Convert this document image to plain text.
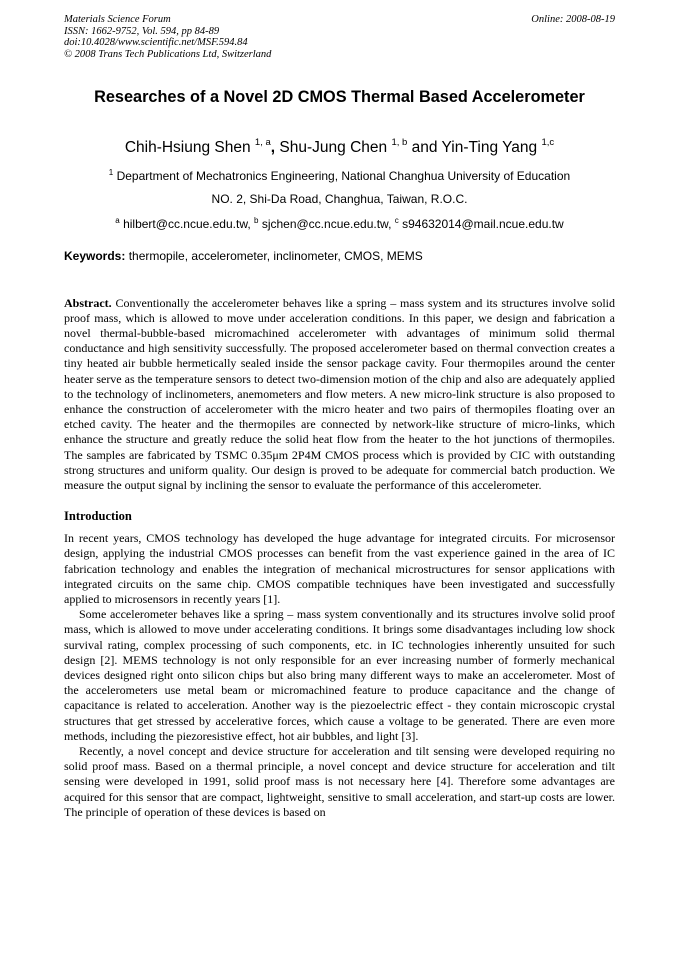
Materials Science Forum
ISSN: 1662-9752, Vol. 594, pp 84-89
doi:10.4028/www.scientific.net/MSF.594.84
© 2008 Trans Tech Publications Ltd, Switzerland
Online: 2008-08-19
Researches of a Novel 2D CMOS Thermal Based Accelerometer
Chih-Hsiung Shen $^{1, a}$, Shu-Jung Chen $^{1, b}$ and Yin-Ting Yang $^{1,c}$
$^1$ Department of Mechatronics Engineering, National Changhua University of Education
NO. 2, Shi-Da Road, Changhua, Taiwan, R.O.C.
$^a$ hilbert@cc.ncue.edu.tw, $^b$ sjchen@cc.ncue.edu.tw, $^c$ s94632014@mail.ncue.edu.tw
Keywords: thermopile, accelerometer, inclinometer, CMOS, MEMS
Abstract. Conventionally the accelerometer behaves like a spring – mass system and its structures involve solid proof mass, which is allowed to move under acceleration conditions. In this paper, we design and fabrication a novel thermal-bubble-based micromachined accelerometer with advantages of minimum solid thermal conductance and high sensitivity successfully. The proposed accelerometer based on thermal convection creates a tiny heated air bubble hermetically sealed inside the sensor package cavity. Four thermopiles around the center heater serve as the temperature sensors to detect two-dimension motion of the chip and also are adequately applied to the technology of inclinometers, anemometers and flow meters. A new micro-link structure is also proposed to enhance the construction of accelerometer with the micro heater and two pairs of thermopiles floating over an etched cavity. The heater and the thermopiles are connected by network-like structure of micro-links, which enhance the structure and greatly reduce the solid heat flow from the heater to the hot junctions of thermopiles. The samples are fabricated by TSMC 0.35μm 2P4M CMOS process which is provided by CIC with outstanding strong structures and uniform quality. Our design is proved to be adequate for commercial batch production. We measure the output signal by inclining the sensor to evaluate the performance of this accelerometer.
Introduction

In recent years, CMOS technology has developed the huge advantage for integrated circuits. For microsensor design, applying the industrial CMOS processes can benefit from the vast experience gained in the area of IC fabrication technology and enables the integration of mechanical microstructures for sensor applications with integrated circuits on the same chip. CMOS compatible techniques have been investigated and successfully applied to microsensors in recently years [1].

Some accelerometer behaves like a spring – mass system conventionally and its structures involve solid proof mass, which is allowed to move under accelerating conditions. It brings some disadvantages including low shock survival rating, complex processing of such components, etc. in IC technologies inherently unsuited for such design [2]. MEMS technology is not only responsible for an ever increasing number of formerly mechanical devices designed right onto silicon chips but also bring many different ways to make an accelerometer. Most of the accelerometers use metal beam or micromachined feature to produce capacitance and the change of capacitance is related to acceleration. Another way is the piezoelectric effect - they contain microscopic crystal structures that get stressed by accelerative forces, which cause a voltage to be generated. There are even more methods, including the piezoresistive effect, hot air bubbles, and light [3].

Recently, a novel concept and device structure for acceleration and tilt sensing were developed requiring no solid proof mass. Based on a thermal principle, a novel concept and device structure for acceleration and tilt sensing were developed in 1991, solid proof mass is not necessary here [4]. Therefore some advantages are acquired for this sensor that are compact, lightweight, sensitive to small acceleration, and start-up costs are lower. The principle of operation of these devices is based on
